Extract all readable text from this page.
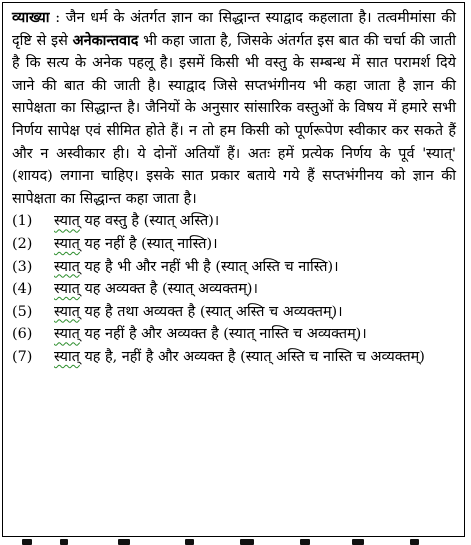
व्याख्या : जैन धर्म के अंतर्गत ज्ञान का सिद्धान्त स्याद्वाद कहलाता है। तत्वमीमांसा की दृष्टि से इसे अनेकान्तवाद भी कहा जाता है, जिसके अंतर्गत इस बात की चर्चा की जाती है कि सत्य के अनेक पहलू है। इसमें किसी भी वस्तु के सम्बन्ध में सात परामर्श दिये जाने की बात की जाती है। स्याद्वाद जिसे सप्तभंगीनय भी कहा जाता है ज्ञान की सापेक्षता का सिद्धान्त है। जैनियों के अनुसार सांसारिक वस्तुओं के विषय में हमारे सभी निर्णय सापेक्ष एवं सीमित होते हैं। न तो हम किसी को पूर्णरूपेण स्वीकार कर सकते हैं और न अस्वीकार ही। ये दोनों अतियाँ हैं। अतः हमें प्रत्येक निर्णय के पूर्व 'स्यात्' (शायद) लगाना चाहिए। इसके सात प्रकार बताये गये हैं सप्तभंगीनय को ज्ञान की सापेक्षता का सिद्धान्त कहा जाता है।

(1)	स्यात् यह वस्तु है (स्यात् अस्ति)।
(2)	स्यात् यह नहीं है (स्यात् नास्ति)।
(3)	स्यात् यह है भी और नहीं भी है (स्यात् अस्ति च नास्ति)।
(4)	स्यात् यह अव्यक्त है (स्यात् अव्यक्तम्)।
(5)	स्यात् यह है तथा अव्यक्त है (स्यात् अस्ति च अव्यक्तम्)।
(6)	स्यात् यह नहीं है और अव्यक्त है (स्यात् नास्ति च अव्यक्तम्)।
(7)	स्यात् यह है, नहीं है और अव्यक्त है (स्यात् अस्ति च नास्ति च अव्यक्तम्)
